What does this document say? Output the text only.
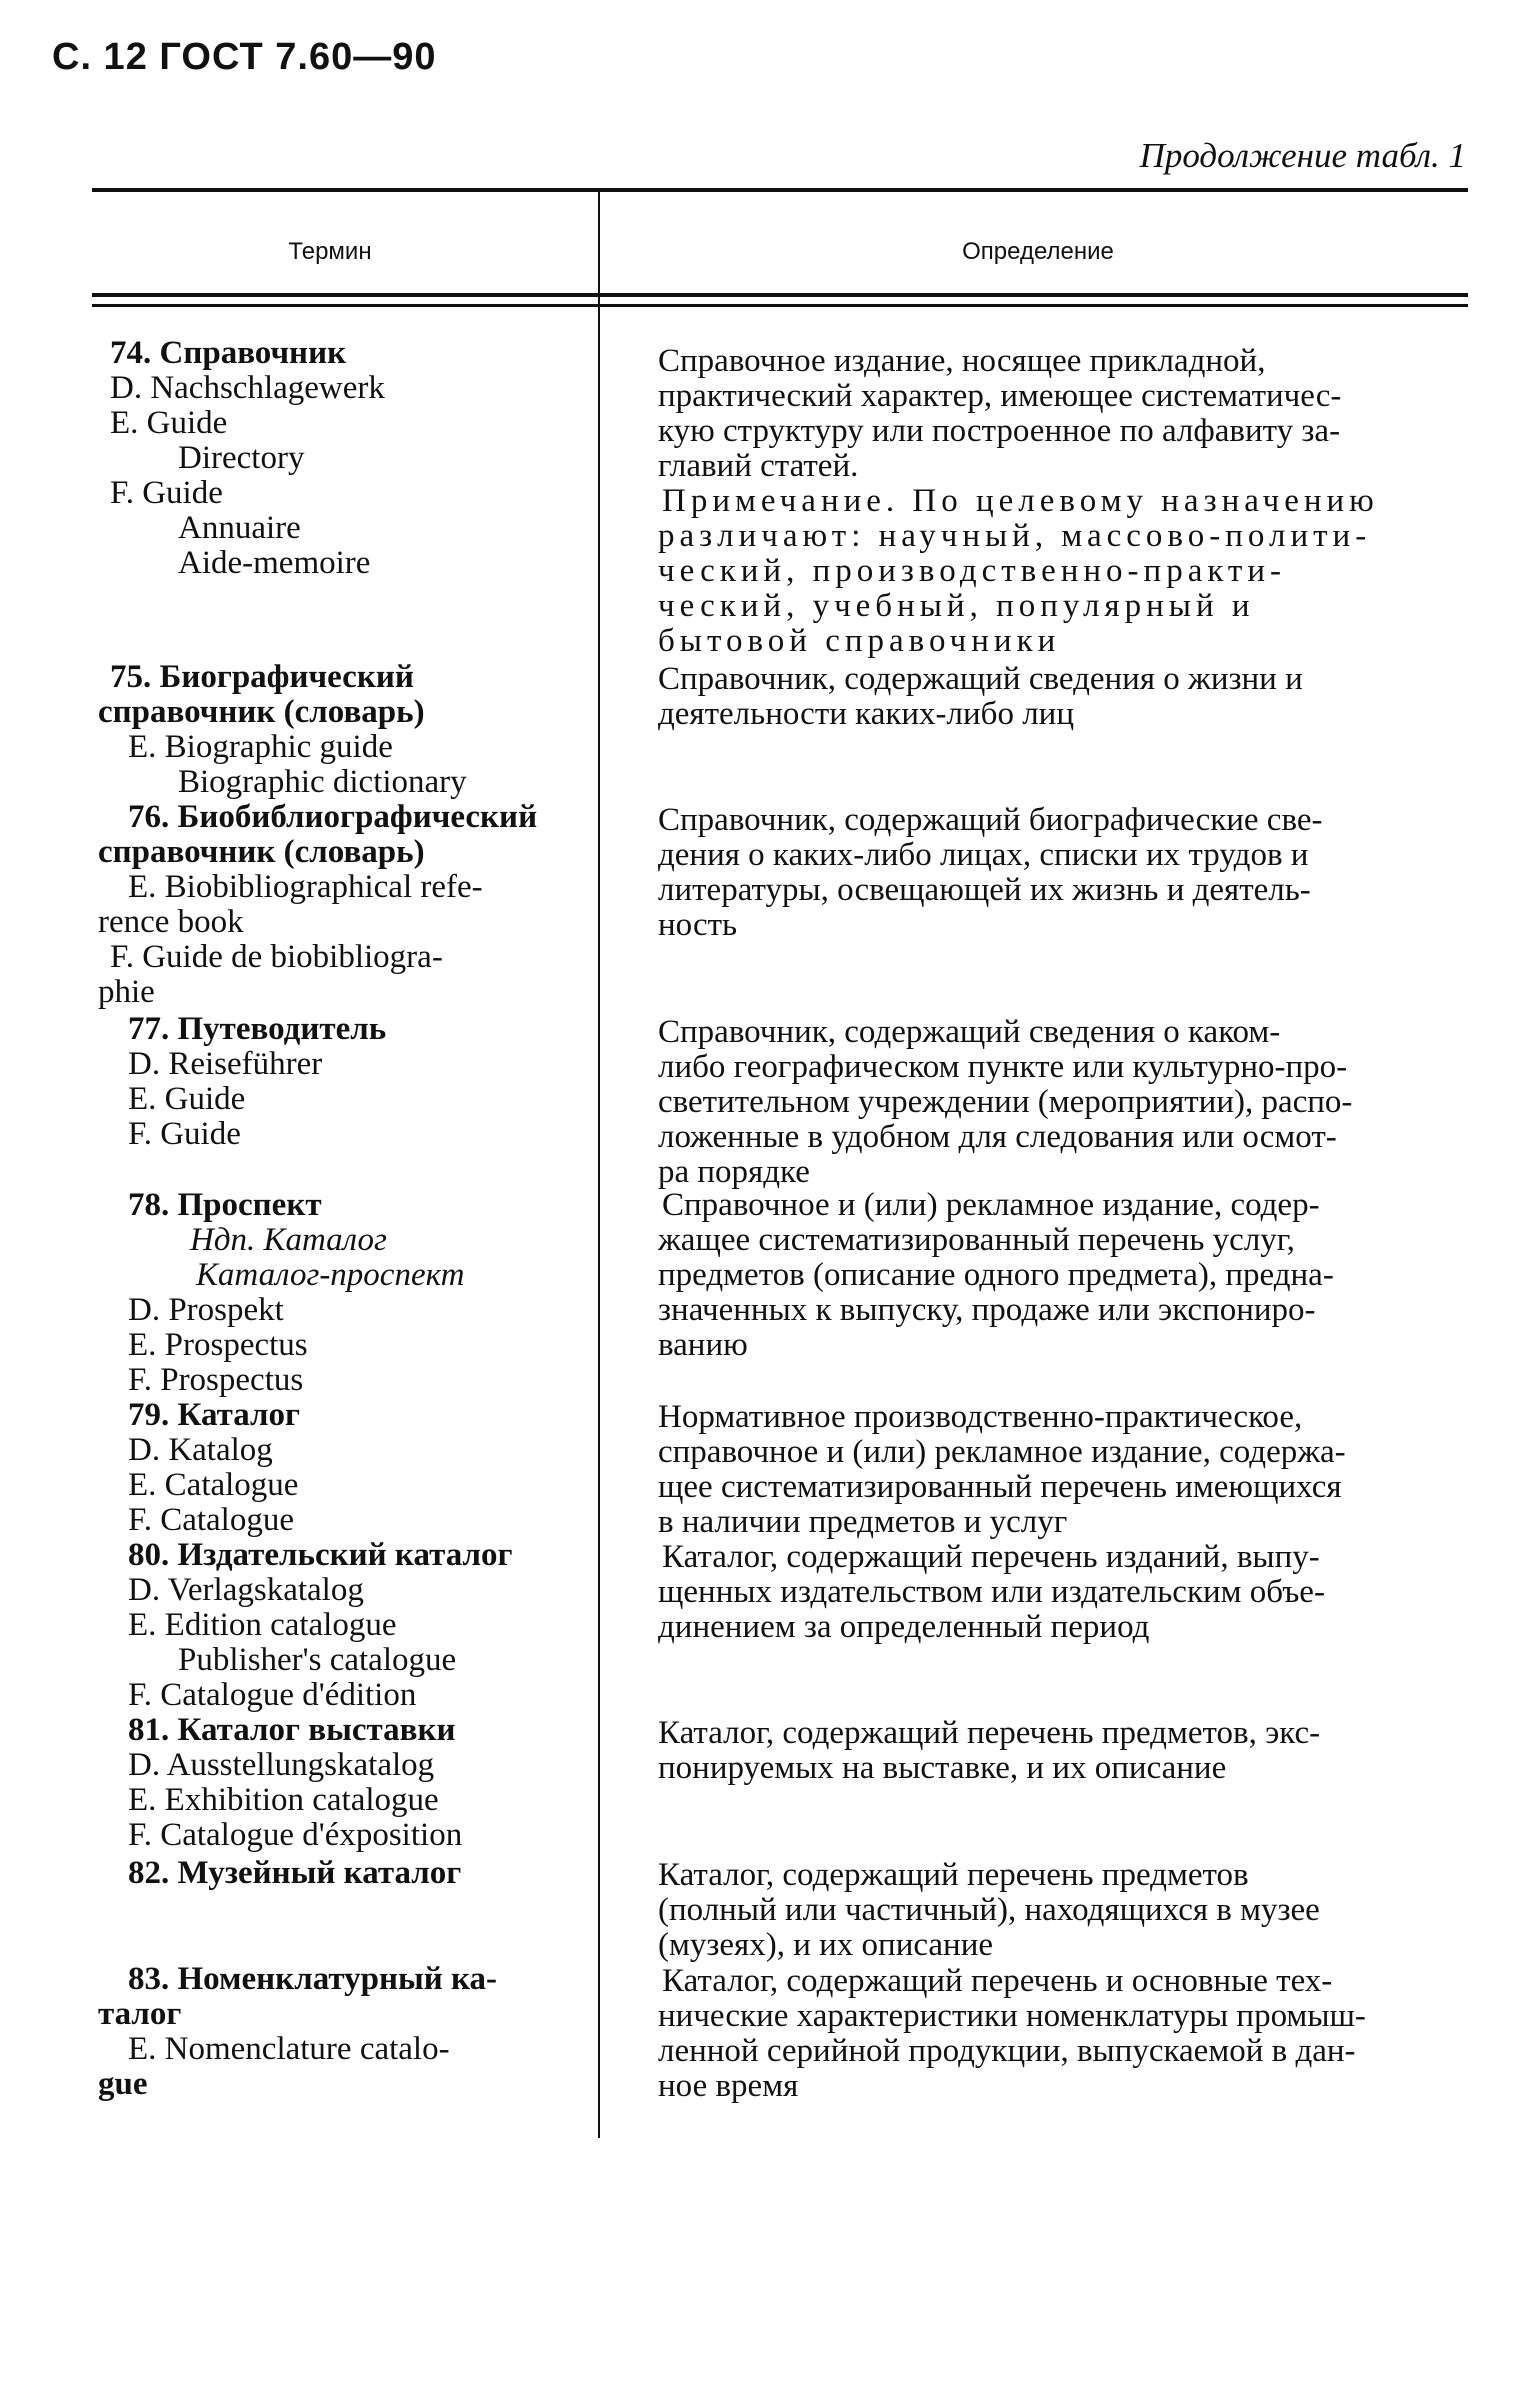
С. 12 ГОСТ 7.60—90
Продолжение табл. 1
Термин	Определение
74. Справочник
D. Nachschlagewerk
E. Guide
Directory
F. Guide
Annuaire
Aide-memoire
Справочное издание, носящее прикладной,
практический характер, имеющее систематичес-
кую структуру или построенное по алфавиту за-
главий статей.
Примечание. По целевому назначению
различают: научный, массово-полити-
ческий, производственно-практи-
ческий, учебный, популярный и
бытовой справочники
75. Биографический
справочник (словарь)
E. Biographic guide
Biographic dictionary
Справочник, содержащий сведения о жизни и
деятельности каких-либо лиц
76. Биобиблиографический
справочник (словарь)
E. Biobibliographical refe-
rence book
F. Guide de biobibliogra-
phie
Справочник, содержащий биографические све-
дения о каких-либо лицах, списки их трудов и
литературы, освещающей их жизнь и деятель-
ность
77. Путеводитель
D. Reiseführer
E. Guide
F. Guide
Справочник, содержащий сведения о каком-
либо географическом пункте или культурно-про-
светительном учреждении (мероприятии), распо-
ложенные в удобном для следования или осмот-
ра порядке
78. Проспект
Ндп. Каталог
Каталог-проспект
D. Prospekt
E. Prospectus
F. Prospectus
Справочное и (или) рекламное издание, содер-
жащее систематизированный перечень услуг,
предметов (описание одного предмета), предна-
значенных к выпуску, продаже или экспониро-
ванию
79. Каталог
D. Katalog
E. Catalogue
F. Catalogue
Нормативное производственно-практическое,
справочное и (или) рекламное издание, содержа-
щее систематизированный перечень имеющихся
в наличии предметов и услуг
80. Издательский каталог
D. Verlagskatalog
E. Edition catalogue
Publisher's catalogue
F. Catalogue d'édition
Каталог, содержащий перечень изданий, выпу-
щенных издательством или издательским объе-
динением за определенный период
81. Каталог выставки
D. Ausstellungskatalog
E. Exhibition catalogue
F. Catalogue d'éxposition
Каталог, содержащий перечень предметов, экс-
понируемых на выставке, и их описание
82. Музейный каталог	Каталог, содержащий перечень предметов
(полный или частичный), находящихся в музее
(музеях), и их описание
83. Номенклатурный ка-
талог
E. Nomenclature catalo-
gue
Каталог, содержащий перечень и основные тех-
нические характеристики номенклатуры промыш-
ленной серийной продукции, выпускаемой в дан-
ное время
